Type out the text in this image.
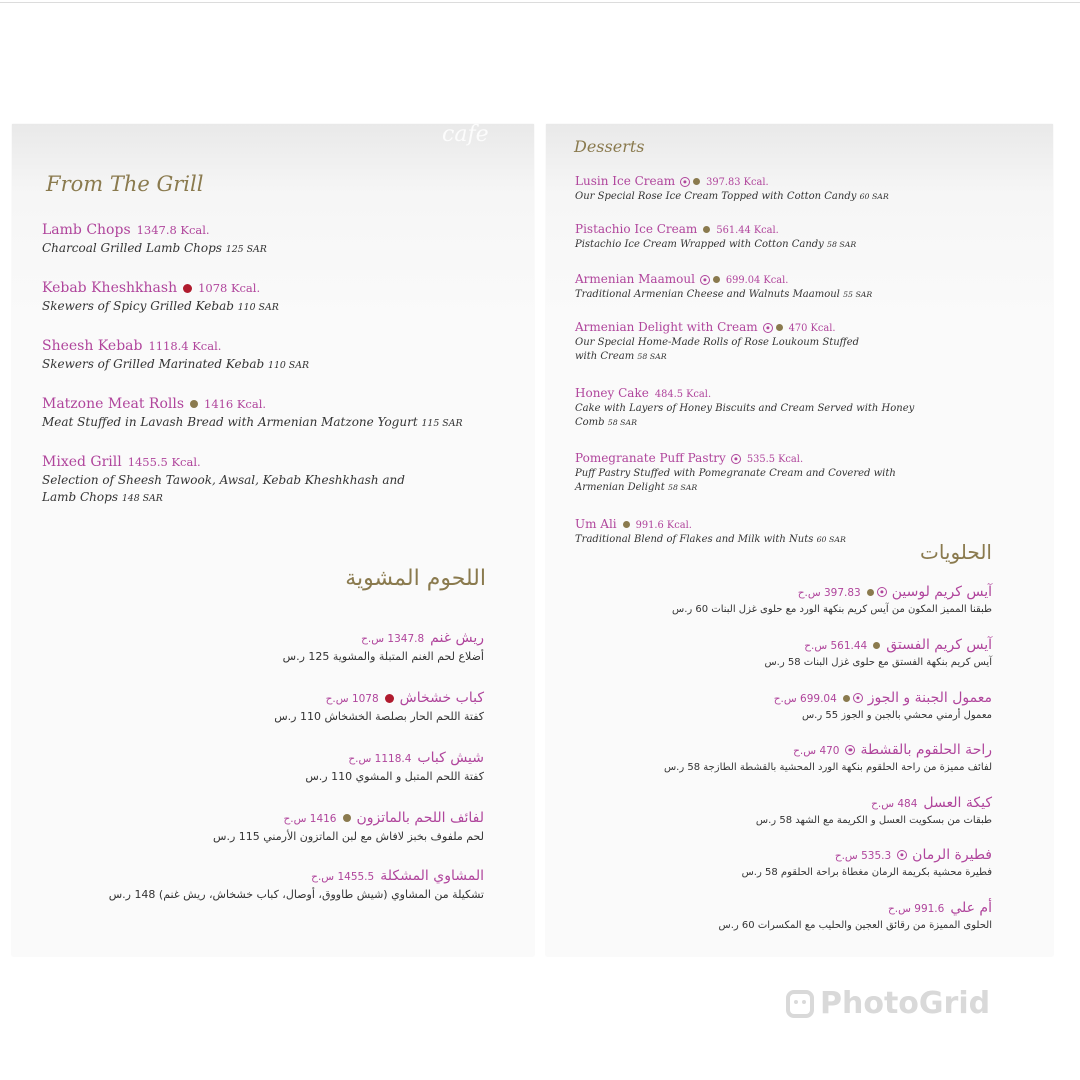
cafe
From The Grill
Lamb Chops 1347.8 Kcal.
Charcoal Grilled Lamb Chops 125 SAR
Kebab Kheshkhash 1078 Kcal.
Skewers of Spicy Grilled Kebab 110 SAR
Sheesh Kebab 1118.4 Kcal.
Skewers of Grilled Marinated Kebab 110 SAR
Matzone Meat Rolls 1416 Kcal.
Meat Stuffed in Lavash Bread with Armenian Matzone Yogurt 115 SAR
Mixed Grill 1455.5 Kcal.
Selection of Sheesh Tawook, Awsal, Kebab Kheshkhash and
Lamb Chops 148 SAR
اللحوم المشوية
ريش غنم1347.8 س.ح
أضلاع لحم الغنم المتبلة والمشوية 125 ر.س
كباب خشخاش1078 س.ح
كفتة اللحم الحار بصلصة الخشخاش 110 ر.س
شيش كباب1118.4 س.ح
كفتة اللحم المتبل و المشوي 110 ر.س
لفائف اللحم بالماتزون1416 س.ح
لحم ملفوف بخبز لافاش مع لبن الماتزون الأرمني 115 ر.س
المشاوي المشكلة1455.5 س.ح
تشكيلة من المشاوي (شيش طاووق، أوصال، كباب خشخاش، ريش غنم) 148 ر.س
Desserts
Lusin Ice Cream	397.83 Kcal.
Our Special Rose Ice Cream Topped with Cotton Candy 60 SAR
Pistachio Ice Cream 561.44 Kcal.
Pistachio Ice Cream Wrapped with Cotton Candy 58 SAR
Armenian Maamoul	699.04 Kcal.
Traditional Armenian Cheese and Walnuts Maamoul 55 SAR
Armenian Delight with Cream	470 Kcal.
Our Special Home-Made Rolls of Rose Loukoum Stuffed
with Cream 58 SAR
Honey Cake 484.5 Kcal.
Cake with Layers of Honey Biscuits and Cream Served with Honey
Comb 58 SAR
Pomegranate Puff Pastry 535.5 Kcal.
Puff Pastry Stuffed with Pomegranate Cream and Covered with
Armenian Delight 58 SAR
Um Ali 991.6 Kcal.
Traditional Blend of Flakes and Milk with Nuts 60 SAR
الحلويات
آيس كريم لوسين397.83 س.ح
طبقنا المميز المكون من آيس كريم بنكهة الورد مع حلوى غزل البنات 60 ر.س
آيس كريم الفستق561.44 س.ح
آيس كريم بنكهة الفستق مع حلوى غزل البنات 58 ر.س
معمول الجبنة و الجوز699.04 س.ح
معمول أرمني محشي بالجبن و الجوز 55 ر.س
راحة الحلقوم بالقشطة470 س.ح
لفائف مميزة من راحة الحلقوم بنكهة الورد المحشية بالقشطة الطازجة 58 ر.س
كيكة العسل484 س.ح
طبقات من بسكويت العسل و الكريمة مع الشهد 58 ر.س
فطيرة الرمان535.3 س.ح
فطيرة محشية بكريمة الرمان مغطاة براحة الحلقوم 58 ر.س
أم علي991.6 س.ح
الحلوى المميزة من رقائق العجين والحليب مع المكسرات 60 ر.س
PhotoGrid
